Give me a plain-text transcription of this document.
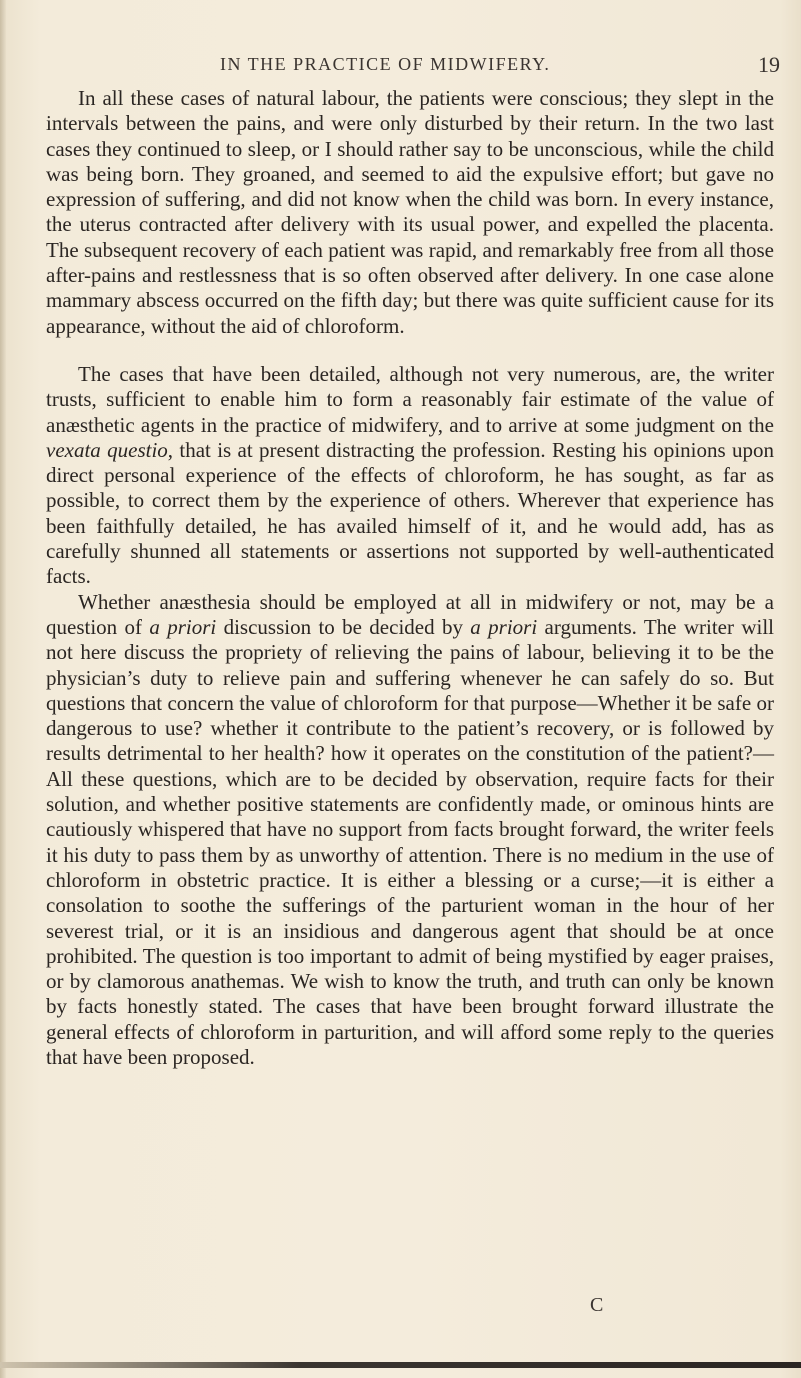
IN THE PRACTICE OF MIDWIFERY.	19

In all these cases of natural labour, the patients were conscious; they slept in the intervals between the pains, and were only disturbed by their return. In the two last cases they continued to sleep, or I should rather say to be unconscious, while the child was being born. They groaned, and seemed to aid the expulsive effort; but gave no expression of suffering, and did not know when the child was born. In every instance, the uterus contracted after delivery with its usual power, and expelled the placenta. The subsequent recovery of each patient was rapid, and remarkably free from all those after-pains and restlessness that is so often observed after delivery. In one case alone mammary abscess occurred on the fifth day; but there was quite sufficient cause for its appearance, without the aid of chloroform.

The cases that have been detailed, although not very numerous, are, the writer trusts, sufficient to enable him to form a reasonably fair estimate of the value of anæsthetic agents in the practice of midwifery, and to arrive at some judgment on the vexata questio, that is at present distracting the profession. Resting his opinions upon direct personal experience of the effects of chloroform, he has sought, as far as possible, to correct them by the experience of others. Wherever that experience has been faithfully detailed, he has availed himself of it, and he would add, has as carefully shunned all statements or assertions not supported by well-authenticated facts.

Whether anæsthesia should be employed at all in midwifery or not, may be a question of a priori discussion to be decided by a priori arguments. The writer will not here discuss the propriety of relieving the pains of labour, believing it to be the physician’s duty to relieve pain and suffering whenever he can safely do so. But questions that concern the value of chloroform for that purpose—Whether it be safe or dangerous to use? whether it contribute to the patient’s recovery, or is followed by results detrimental to her health? how it operates on the constitution of the patient?—All these questions, which are to be decided by observation, require facts for their solution, and whether positive statements are confidently made, or ominous hints are cautiously whispered that have no support from facts brought forward, the writer feels it his duty to pass them by as unworthy of attention. There is no medium in the use of chloroform in obstetric practice. It is either a blessing or a curse;—it is either a consolation to soothe the sufferings of the parturient woman in the hour of her severest trial, or it is an insidious and dangerous agent that should be at once prohibited. The question is too important to admit of being mystified by eager praises, or by clamorous anathemas. We wish to know the truth, and truth can only be known by facts honestly stated. The cases that have been brought forward illustrate the general effects of chloroform in parturition, and will afford some reply to the queries that have been proposed.

C
